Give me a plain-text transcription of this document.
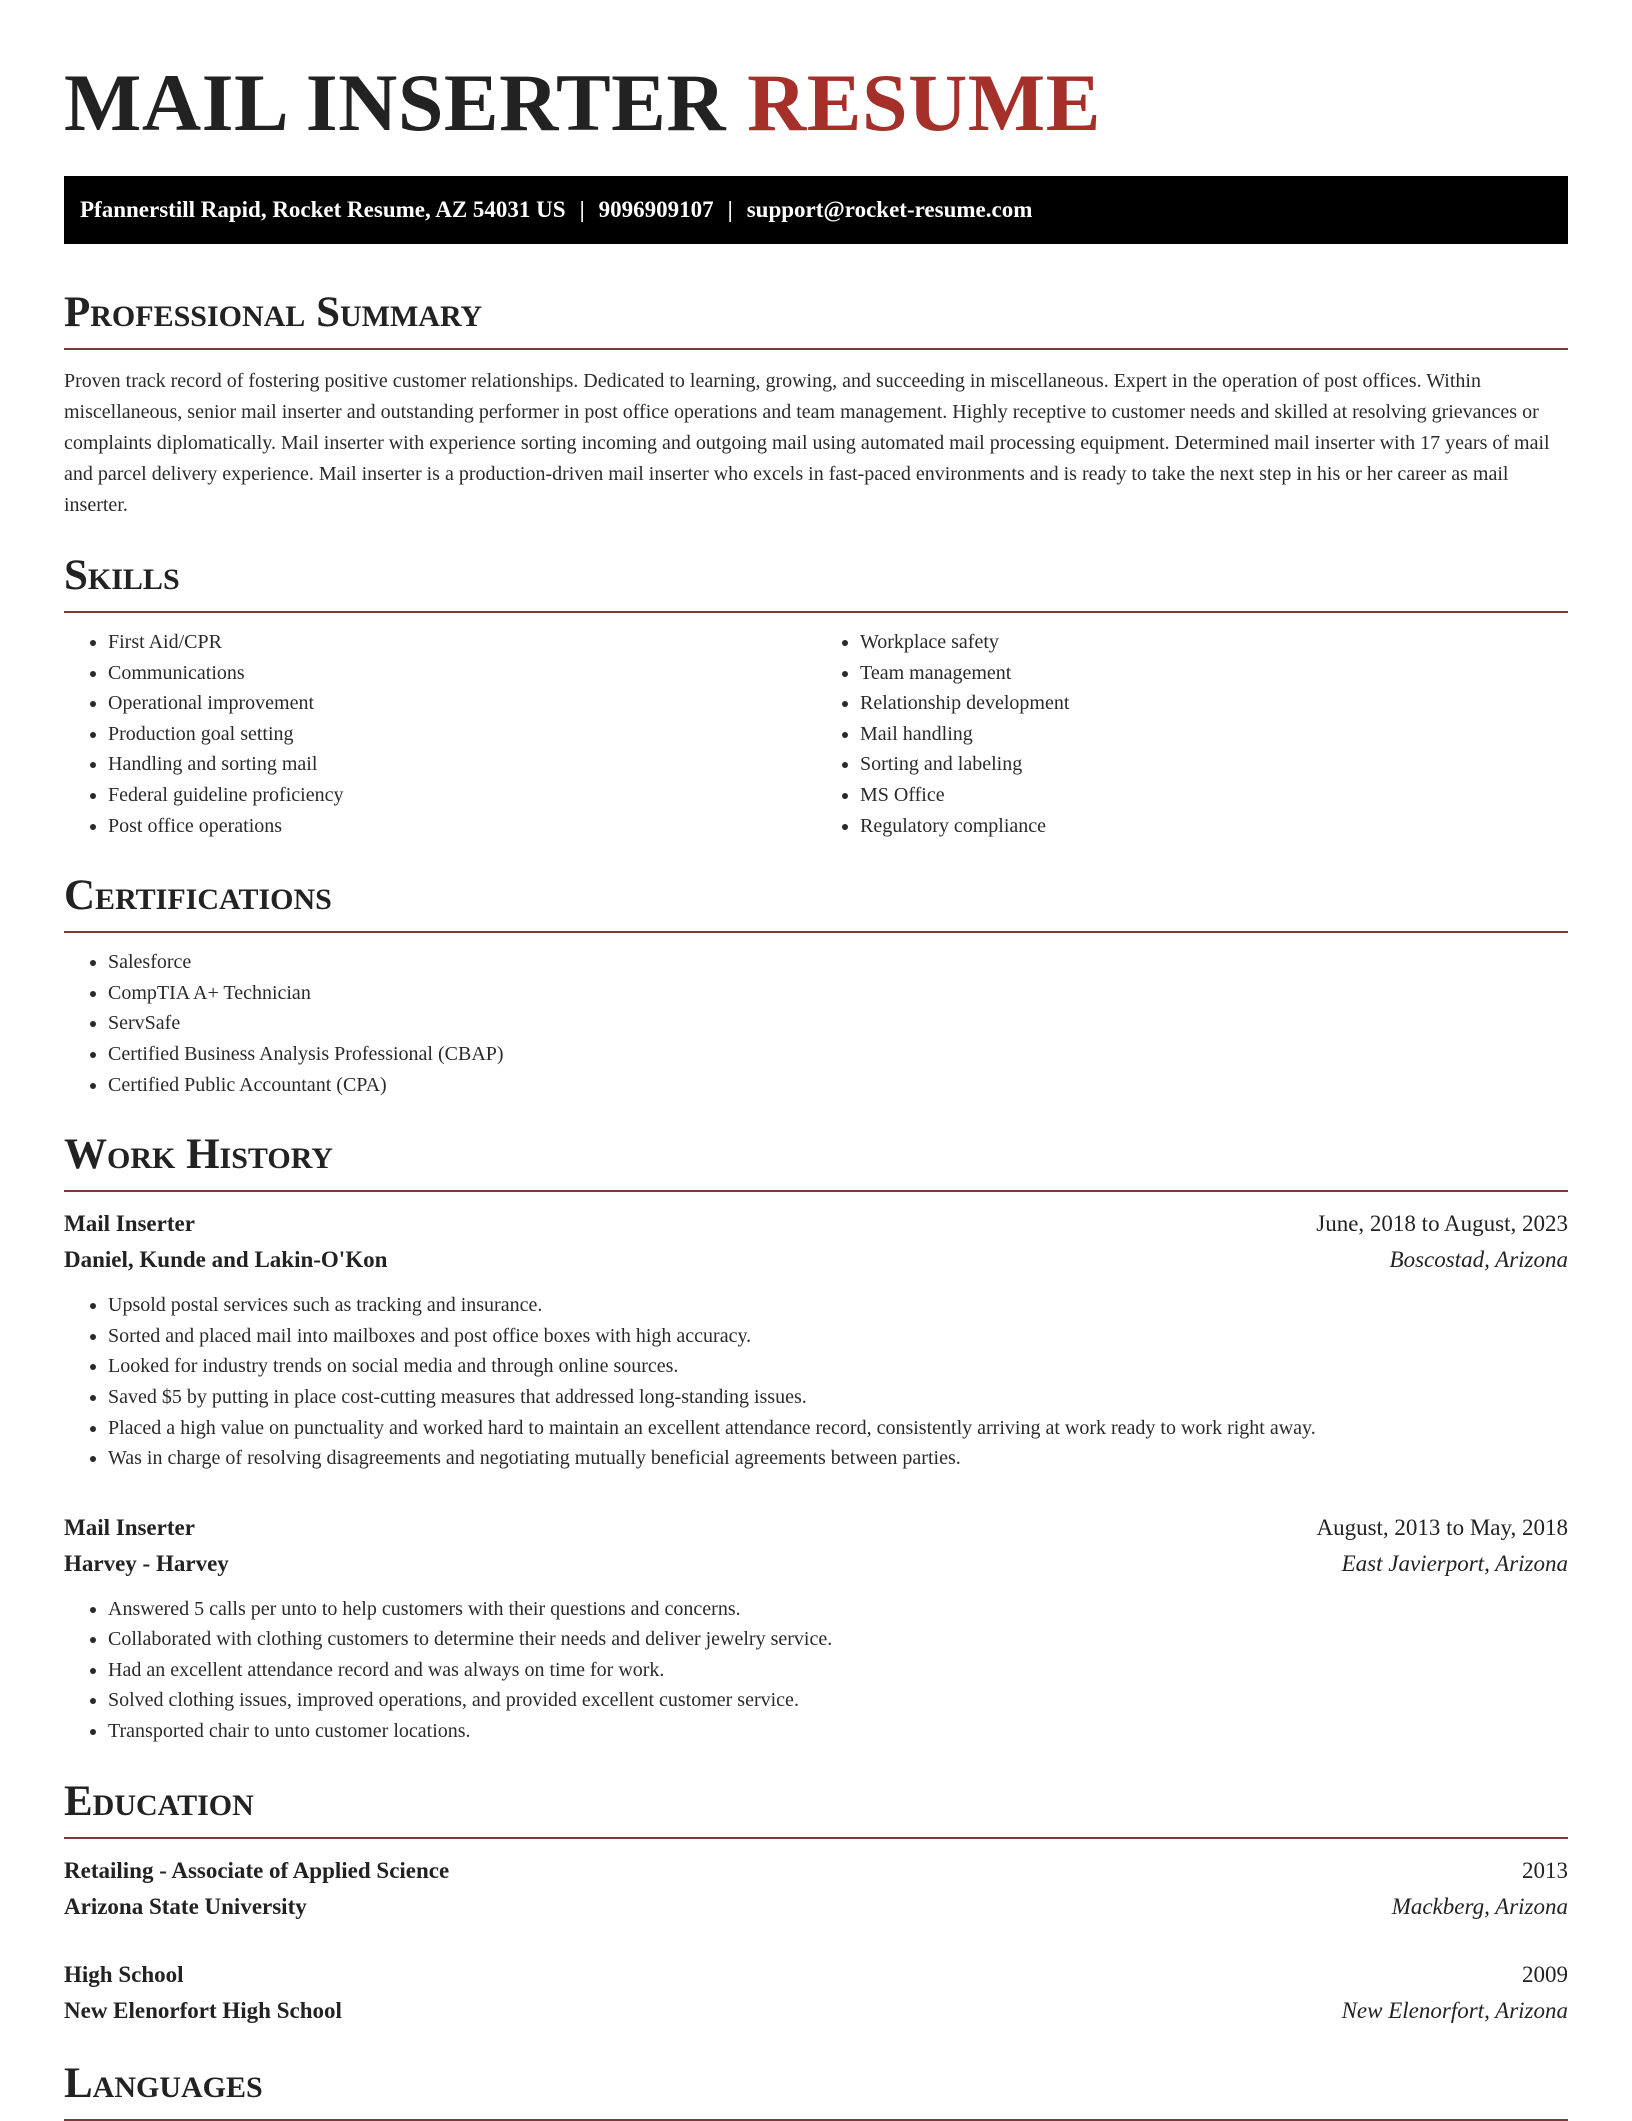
MAIL INSERTER RESUME
Pfannerstill Rapid, Rocket Resume, AZ 54031 US | 9096909107 | support@rocket-resume.com
Professional Summary

Proven track record of fostering positive customer relationships. Dedicated to learning, growing, and succeeding in miscellaneous. Expert in the operation of post offices. Within miscellaneous, senior mail inserter and outstanding performer in post office operations and team management. Highly receptive to customer needs and skilled at resolving grievances or complaints diplomatically. Mail inserter with experience sorting incoming and outgoing mail using automated mail processing equipment. Determined mail inserter with 17 years of mail and parcel delivery experience. Mail inserter is a production-driven mail inserter who excels in fast-paced environments and is ready to take the next step in his or her career as mail inserter.

Skills
• First Aid/CPR
• Communications
• Operational improvement
• Production goal setting
• Handling and sorting mail
• Federal guideline proficiency
• Post office operations
• Workplace safety
• Team management
• Relationship development
• Mail handling
• Sorting and labeling
• MS Office
• Regulatory compliance
Certifications
• Salesforce
• CompTIA A+ Technician
• ServSafe
• Certified Business Analysis Professional (CBAP)
• Certified Public Accountant (CPA)
Work History
Mail Inserter	June, 2018 to August, 2023
Daniel, Kunde and Lakin-O'Kon	Boscostad, Arizona
• Upsold postal services such as tracking and insurance.
• Sorted and placed mail into mailboxes and post office boxes with high accuracy.
• Looked for industry trends on social media and through online sources.
• Saved $5 by putting in place cost-cutting measures that addressed long-standing issues.
• Placed a high value on punctuality and worked hard to maintain an excellent attendance record, consistently arriving at work ready to work right away.
• Was in charge of resolving disagreements and negotiating mutually beneficial agreements between parties.
Mail Inserter	August, 2013 to May, 2018
Harvey - Harvey	East Javierport, Arizona
• Answered 5 calls per unto to help customers with their questions and concerns.
• Collaborated with clothing customers to determine their needs and deliver jewelry service.
• Had an excellent attendance record and was always on time for work.
• Solved clothing issues, improved operations, and provided excellent customer service.
• Transported chair to unto customer locations.
Education
Retailing - Associate of Applied Science	2013
Arizona State University	Mackberg, Arizona
High School	2009
New Elenorfort High School	New Elenorfort, Arizona
Languages
